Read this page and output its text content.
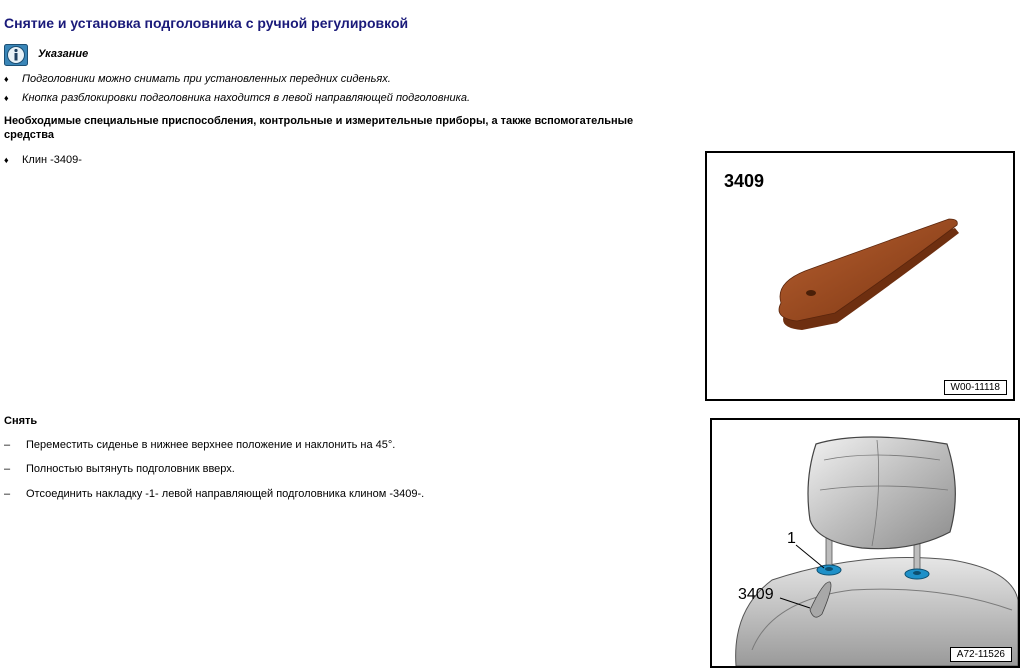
Снятие и установка подголовника с ручной регулировкой
Указание
♦	Подголовники можно снимать при установленных передних сиденьях.
♦	Кнопка разблокировки подголовника находится в левой направляющей подголовника.
Необходимые специальные приспособления, контрольные и измерительные приборы, а также вспомогательные средства
♦	Клин -3409-
3409
W00-11118
Снять
–	Переместить сиденье в нижнее верхнее положение и наклонить на 45°.
–	Полностью вытянуть подголовник вверх.
–	Отсоединить накладку -1- левой направляющей подголовника клином -3409-.
1
3409
A72-11526
